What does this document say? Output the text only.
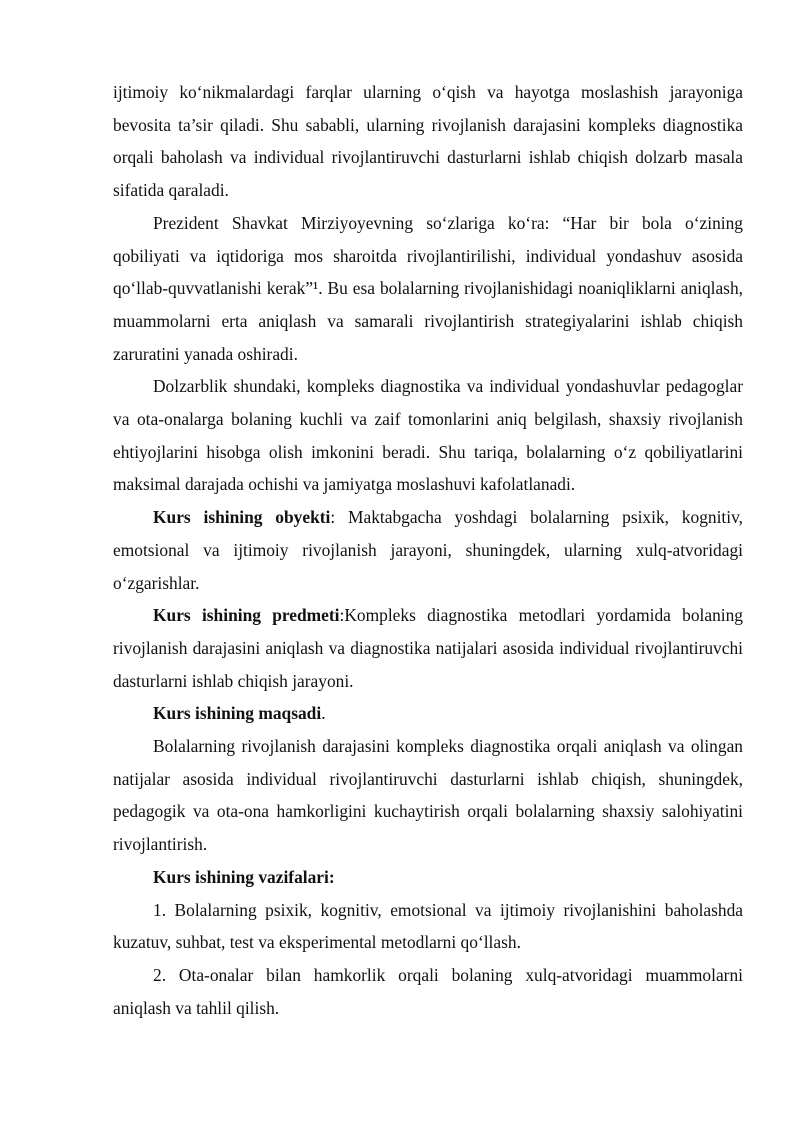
ijtimoiy ko‘nikmalardagi farqlar ularning o‘qish va hayotga moslashish jarayoniga bevosita ta’sir qiladi. Shu sababli, ularning rivojlanish darajasini kompleks diagnostika orqali baholash va individual rivojlantiruvchi dasturlarni ishlab chiqish dolzarb masala sifatida qaraladi.

Prezident Shavkat Mirziyoyevning so‘zlariga ko‘ra: “Har bir bola o‘zining qobiliyati va iqtidoriga mos sharoitda rivojlantirilishi, individual yondashuv asosida qo‘llab-quvvatlanishi kerak”¹. Bu esa bolalarning rivojlanishidagi noaniqliklarni aniqlash, muammolarni erta aniqlash va samarali rivojlantirish strategiyalarini ishlab chiqish zaruratini yanada oshiradi.

Dolzarblik shundaki, kompleks diagnostika va individual yondashuvlar pedagoglar va ota-onalarga bolaning kuchli va zaif tomonlarini aniq belgilash, shaxsiy rivojlanish ehtiyojlarini hisobga olish imkonini beradi. Shu tariqa, bolalarning o‘z qobiliyatlarini maksimal darajada ochishi va jamiyatga moslashuvi kafolatlanadi.

Kurs ishining obyekti: Maktabgacha yoshdagi bolalarning psixik, kognitiv, emotsional va ijtimoiy rivojlanish jarayoni, shuningdek, ularning xulq-atvoridagi o‘zgarishlar.

Kurs ishining predmeti:Kompleks diagnostika metodlari yordamida bolaning rivojlanish darajasini aniqlash va diagnostika natijalari asosida individual rivojlantiruvchi dasturlarni ishlab chiqish jarayoni.

Kurs ishining maqsadi.

Bolalarning rivojlanish darajasini kompleks diagnostika orqali aniqlash va olingan natijalar asosida individual rivojlantiruvchi dasturlarni ishlab chiqish, shuningdek, pedagogik va ota-ona hamkorligini kuchaytirish orqali bolalarning shaxsiy salohiyatini rivojlantirish.

Kurs ishining vazifalari:

1. Bolalarning psixik, kognitiv, emotsional va ijtimoiy rivojlanishini baholashda kuzatuv, suhbat, test va eksperimental metodlarni qo‘llash.

2. Ota-onalar bilan hamkorlik orqali bolaning xulq-atvoridagi muammolarni aniqlash va tahlil qilish.
